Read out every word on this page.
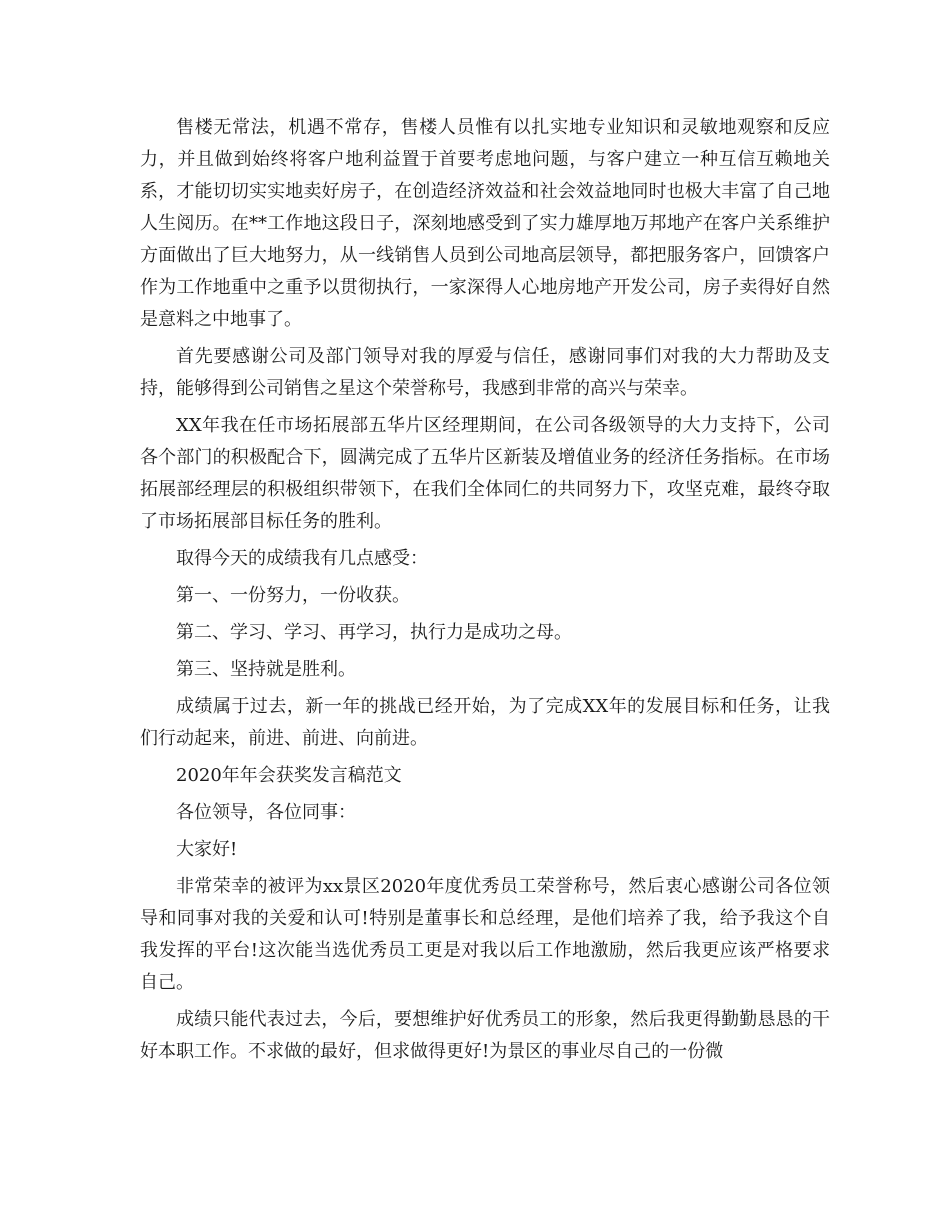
售楼无常法，机遇不常存，售楼人员惟有以扎实地专业知识和灵敏地观察和反应力，并且做到始终将客户地利益置于首要考虑地问题，与客户建立一种互信互赖地关系，才能切切实实地卖好房子，在创造经济效益和社会效益地同时也极大丰富了自己地人生阅历。在**工作地这段日子，深刻地感受到了实力雄厚地万邦地产在客户关系维护方面做出了巨大地努力，从一线销售人员到公司地高层领导，都把服务客户，回馈客户作为工作地重中之重予以贯彻执行，一家深得人心地房地产开发公司，房子卖得好自然是意料之中地事了。

首先要感谢公司及部门领导对我的厚爱与信任，感谢同事们对我的大力帮助及支持，能够得到公司销售之星这个荣誉称号，我感到非常的高兴与荣幸。

XX年我在任市场拓展部五华片区经理期间，在公司各级领导的大力支持下，公司各个部门的积极配合下，圆满完成了五华片区新装及增值业务的经济任务指标。在市场拓展部经理层的积极组织带领下，在我们全体同仁的共同努力下，攻坚克难，最终夺取了市场拓展部目标任务的胜利。

取得今天的成绩我有几点感受：

第一、一份努力，一份收获。

第二、学习、学习、再学习，执行力是成功之母。

第三、坚持就是胜利。

成绩属于过去，新一年的挑战已经开始，为了完成XX年的发展目标和任务，让我们行动起来，前进、前进、向前进。

2020年年会获奖发言稿范文

各位领导，各位同事：

大家好!

非常荣幸的被评为xx景区2020年度优秀员工荣誉称号，然后衷心感谢公司各位领导和同事对我的关爱和认可!特别是董事长和总经理，是他们培养了我，给予我这个自我发挥的平台!这次能当选优秀员工更是对我以后工作地激励，然后我更应该严格要求自己。

成绩只能代表过去，今后，要想维护好优秀员工的形象，然后我更得勤勤恳恳的干好本职工作。不求做的最好，但求做得更好!为景区的事业尽自己的一份微
